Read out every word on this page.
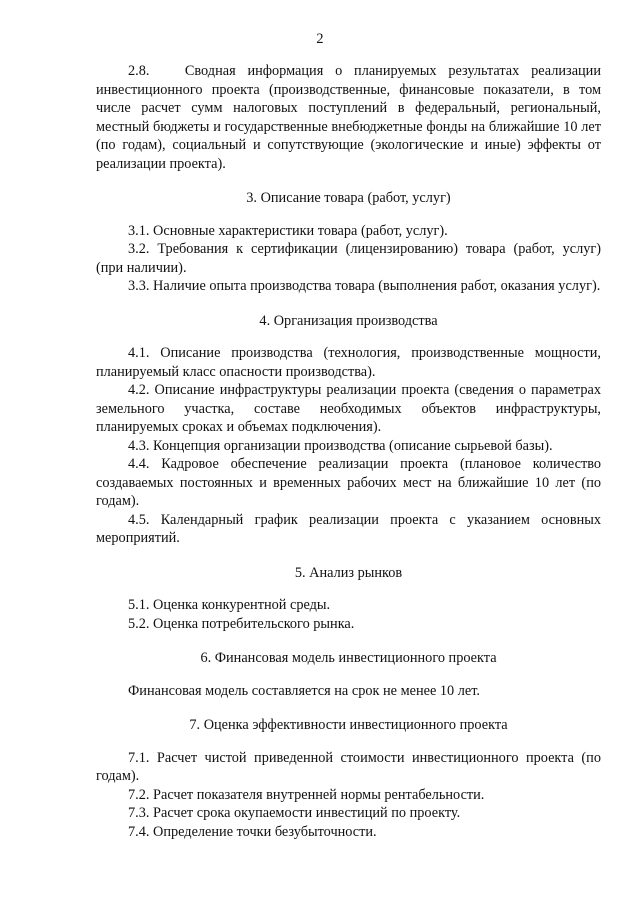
2

2.8.   Сводная информация о планируемых результатах реализации инвестиционного проекта (производственные, финансовые показатели, в том числе расчет сумм налоговых поступлений в федеральный, региональный, местный бюджеты и государственные внебюджетные фонды на ближайшие 10 лет (по годам), социальный и сопутствующие (экологические и иные) эффекты от реализации проекта).

3. Описание товара (работ, услуг)

3.1. Основные характеристики товара (работ, услуг).

3.2. Требования к сертификации (лицензированию) товара (работ, услуг) (при наличии).

3.3. Наличие опыта производства товара (выполнения работ, оказания услуг).

4. Организация производства

4.1. Описание производства (технология, производственные мощности, планируемый класс опасности производства).

4.2. Описание инфраструктуры реализации проекта (сведения о параметрах земельного участка, составе необходимых объектов инфраструктуры, планируемых сроках и объемах подключения).

4.3. Концепция организации производства (описание сырьевой базы).

4.4. Кадровое обеспечение реализации проекта (плановое количество создаваемых постоянных и временных рабочих мест на ближайшие 10 лет (по годам).

4.5. Календарный график реализации проекта с указанием основных мероприятий.

5. Анализ рынков

5.1. Оценка конкурентной среды.

5.2. Оценка потребительского рынка.

6. Финансовая модель инвестиционного проекта

Финансовая модель составляется на срок не менее 10 лет.

7. Оценка эффективности инвестиционного проекта

7.1. Расчет чистой приведенной стоимости инвестиционного проекта (по годам).

7.2. Расчет показателя внутренней нормы рентабельности.

7.3. Расчет срока окупаемости инвестиций по проекту.

7.4. Определение точки безубыточности.
